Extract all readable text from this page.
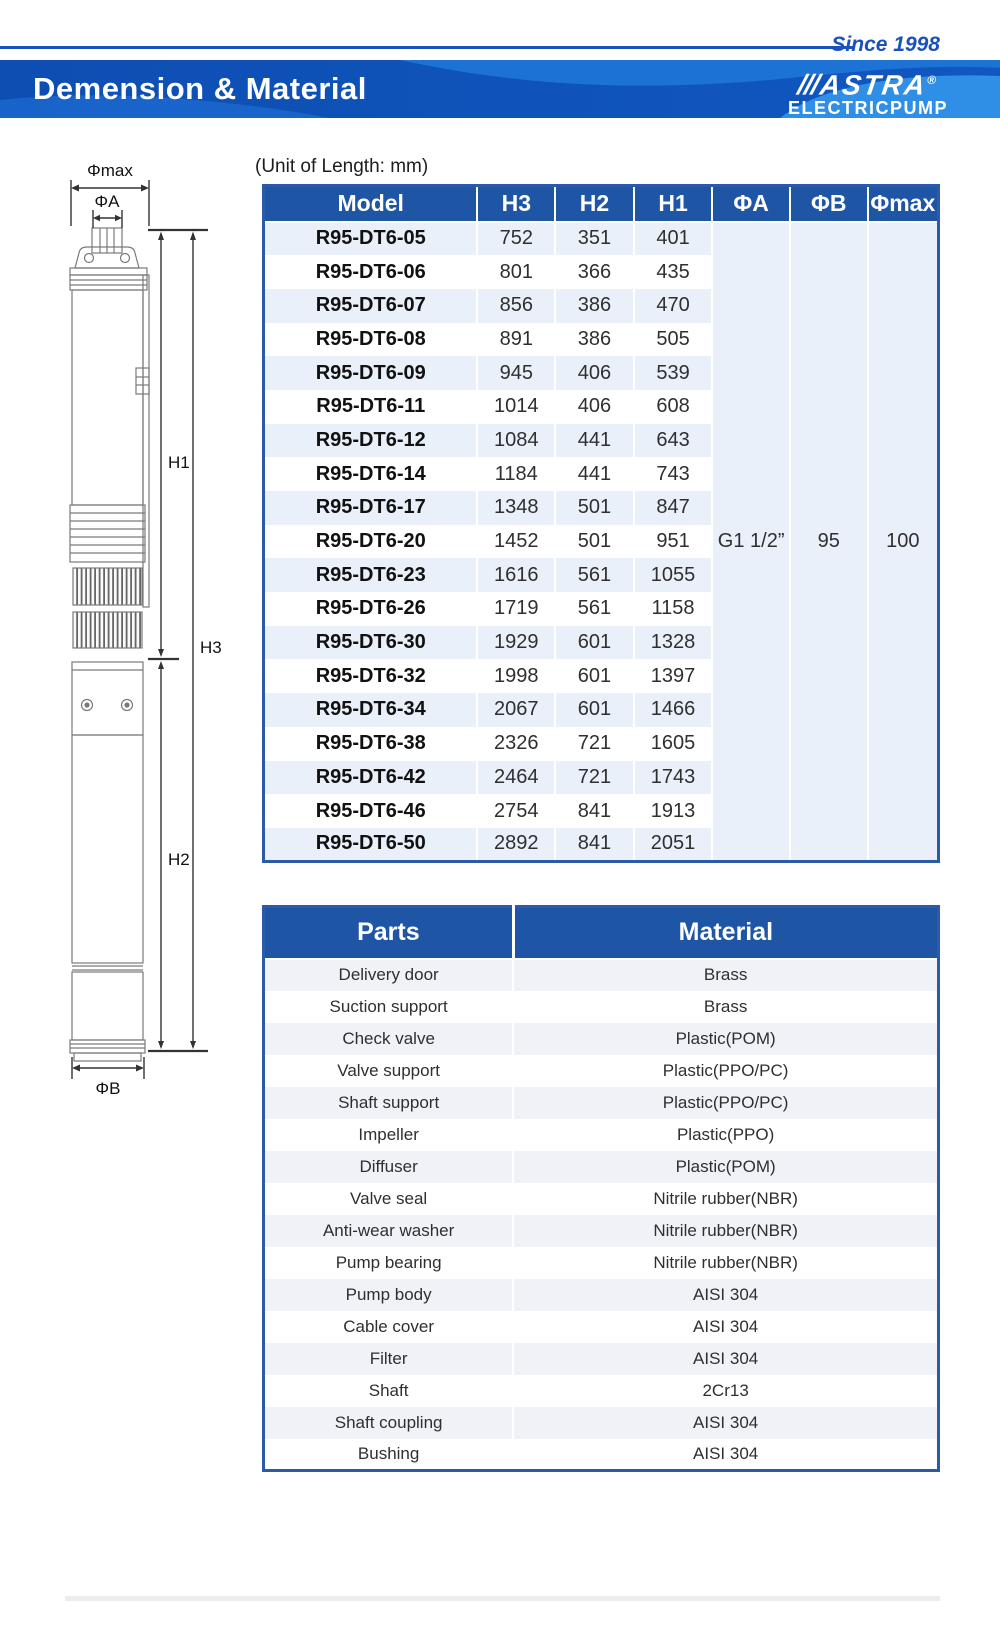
Since 1998
Demension & Material	///ASTRA®
ELECTRICPUMP
(Unit of Length: mm)
Φmax
ΦA
H1
H3
H2
ΦB
Model	H3	H2	H1	ΦA	ΦB	Φmax
R95-DT6-05	752	351	401	G1 1/2”	95	100
R95-DT6-06	801	366	435			
R95-DT6-07	856	386	470			
R95-DT6-08	891	386	505			
R95-DT6-09	945	406	539			
R95-DT6-11	1014	406	608			
R95-DT6-12	1084	441	643			
R95-DT6-14	1184	441	743			
R95-DT6-17	1348	501	847			
R95-DT6-20	1452	501	951			
R95-DT6-23	1616	561	1055			
R95-DT6-26	1719	561	1158			
R95-DT6-30	1929	601	1328			
R95-DT6-32	1998	601	1397			
R95-DT6-34	2067	601	1466			
R95-DT6-38	2326	721	1605			
R95-DT6-42	2464	721	1743			
R95-DT6-46	2754	841	1913			
R95-DT6-50	2892	841	2051			
Parts	Material
Delivery door	Brass
Suction support	Brass
Check valve	Plastic(POM)
Valve support	Plastic(PPO/PC)
Shaft support	Plastic(PPO/PC)
Impeller	Plastic(PPO)
Diffuser	Plastic(POM)
Valve seal	Nitrile rubber(NBR)
Anti-wear washer	Nitrile rubber(NBR)
Pump bearing	Nitrile rubber(NBR)
Pump body	AISI 304
Cable cover	AISI 304
Filter	AISI 304
Shaft	2Cr13
Shaft coupling	AISI 304
Bushing	AISI 304
